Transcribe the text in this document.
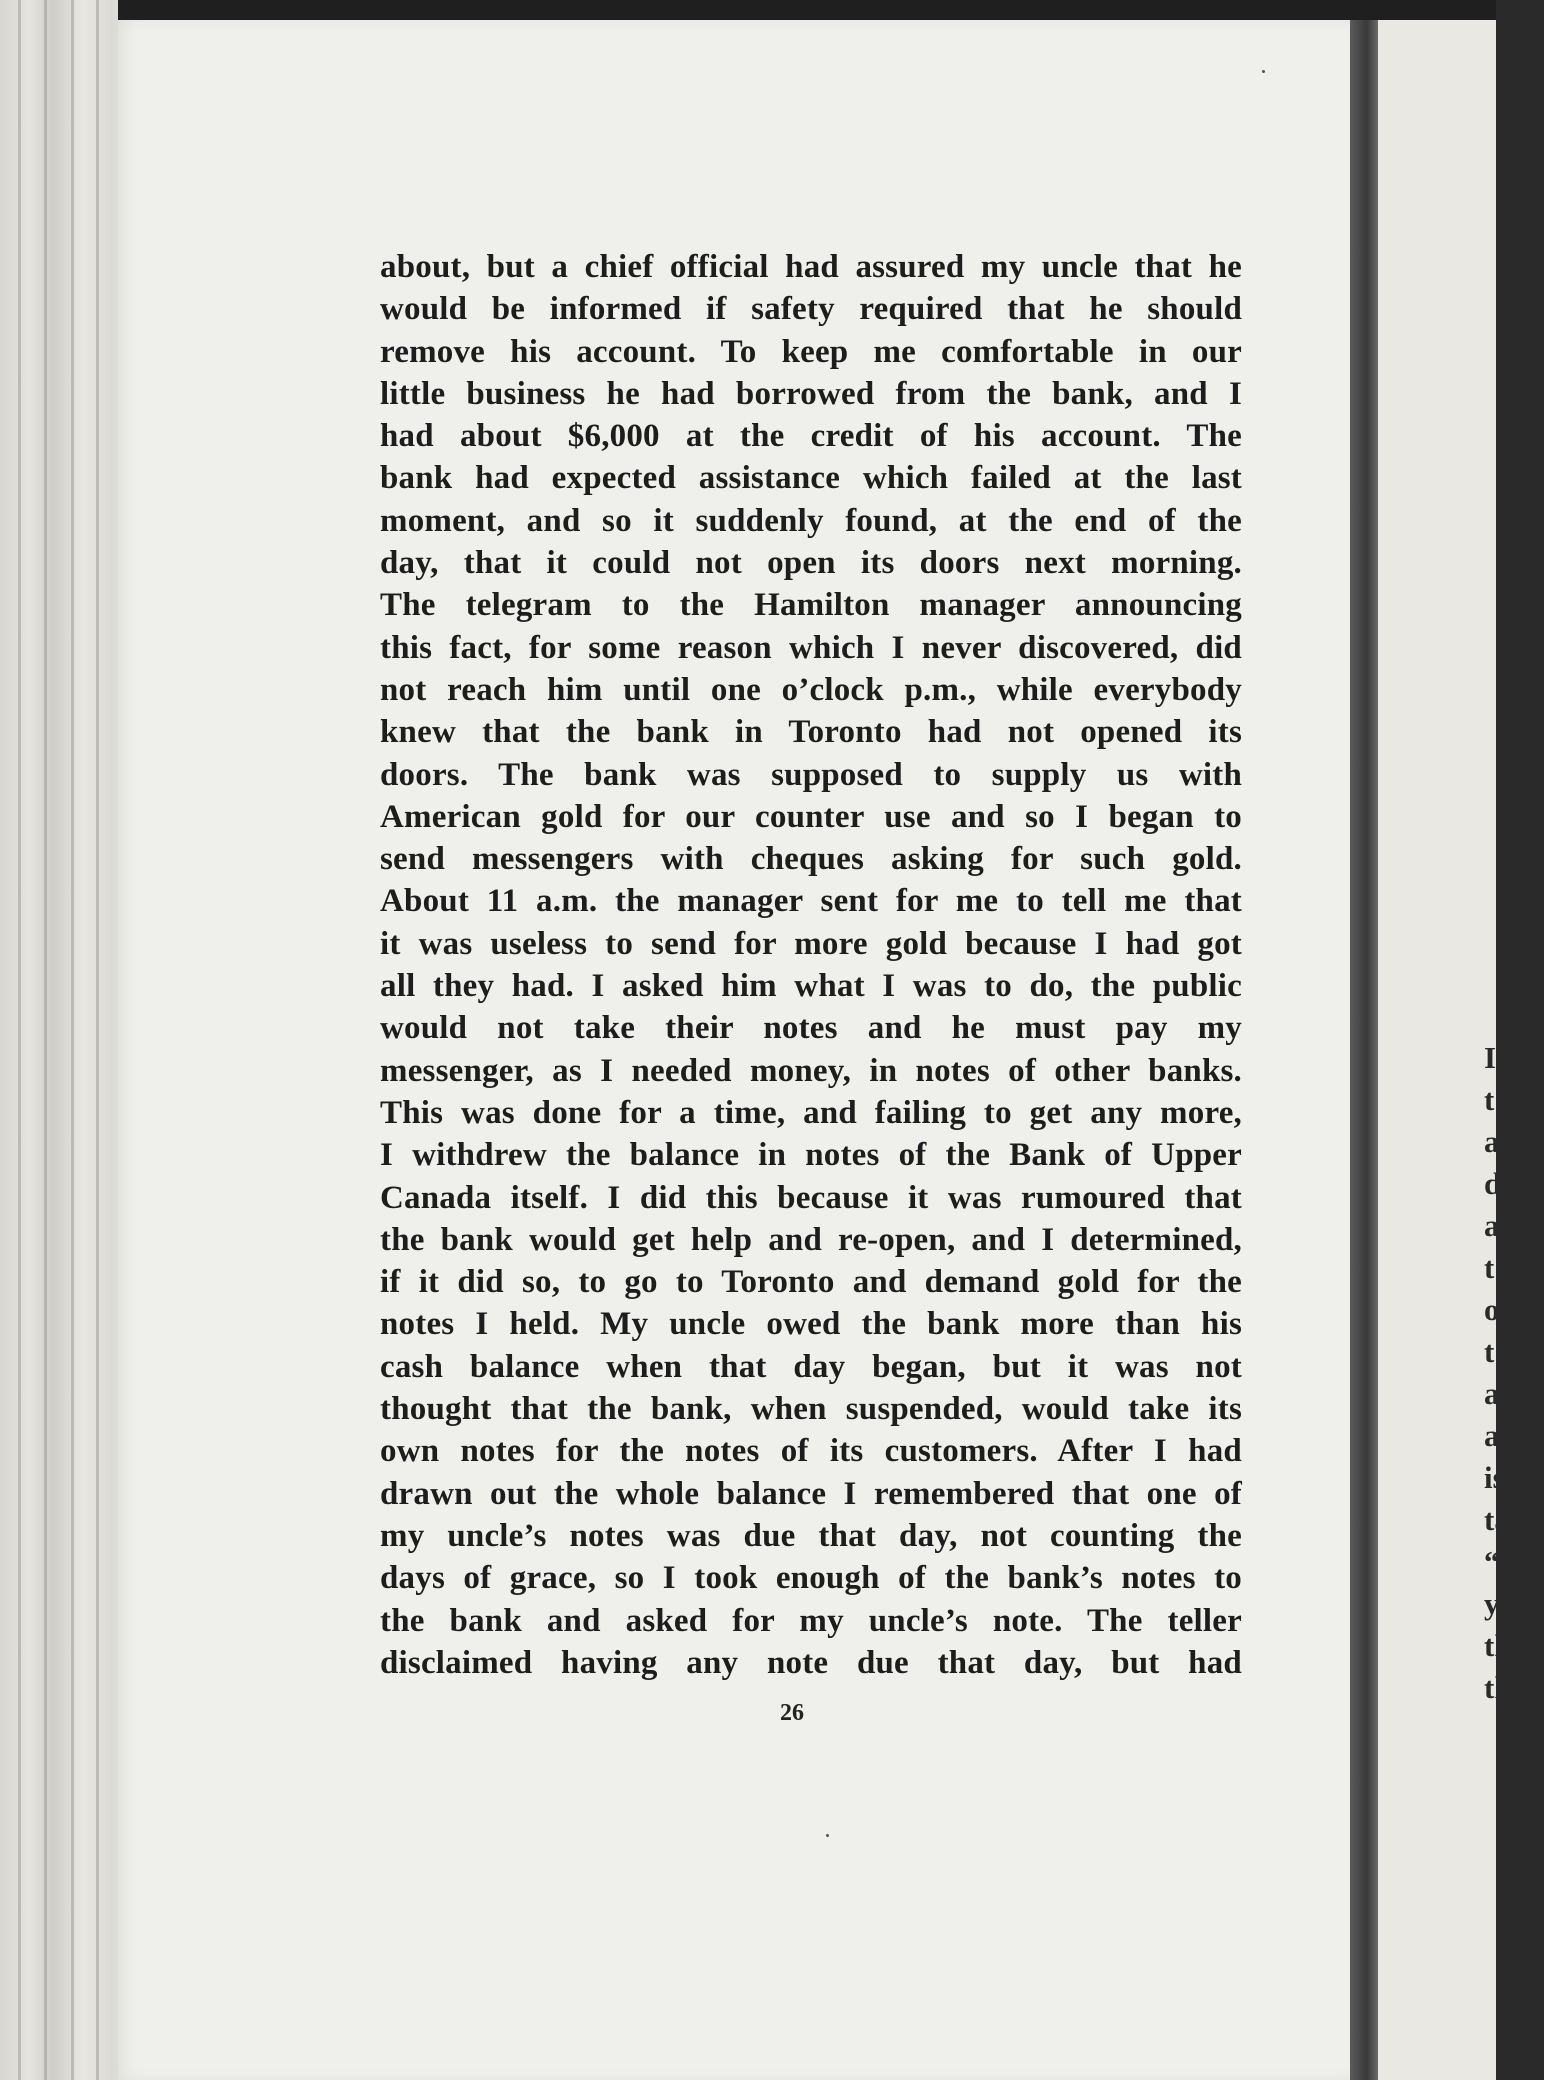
I
t
a
d
a
t
o
t
a
a
is
ta
“I
ye
th
th
about, but a chief official had assured my uncle that he
would be informed if safety required that he should
remove his account. To keep me comfortable in our
little business he had borrowed from the bank, and I
had about $6,000 at the credit of his account. The
bank had expected assistance which failed at the last
moment, and so it suddenly found, at the end of the
day, that it could not open its doors next morning.
The telegram to the Hamilton manager announcing
this fact, for some reason which I never discovered, did
not reach him until one o’clock p.m., while everybody
knew that the bank in Toronto had not opened its
doors. The bank was supposed to supply us with
American gold for our counter use and so I began to
send messengers with cheques asking for such gold.
About 11 a.m. the manager sent for me to tell me that
it was useless to send for more gold because I had got
all they had. I asked him what I was to do, the public
would not take their notes and he must pay my
messenger, as I needed money, in notes of other banks.
This was done for a time, and failing to get any more,
I withdrew the balance in notes of the Bank of Upper
Canada itself. I did this because it was rumoured that
the bank would get help and re-open, and I determined,
if it did so, to go to Toronto and demand gold for the
notes I held. My uncle owed the bank more than his
cash balance when that day began, but it was not
thought that the bank, when suspended, would take its
own notes for the notes of its customers. After I had
drawn out the whole balance I remembered that one of
my uncle’s notes was due that day, not counting the
days of grace, so I took enough of the bank’s notes to
the bank and asked for my uncle’s note. The teller
disclaimed having any note due that day, but had
26
